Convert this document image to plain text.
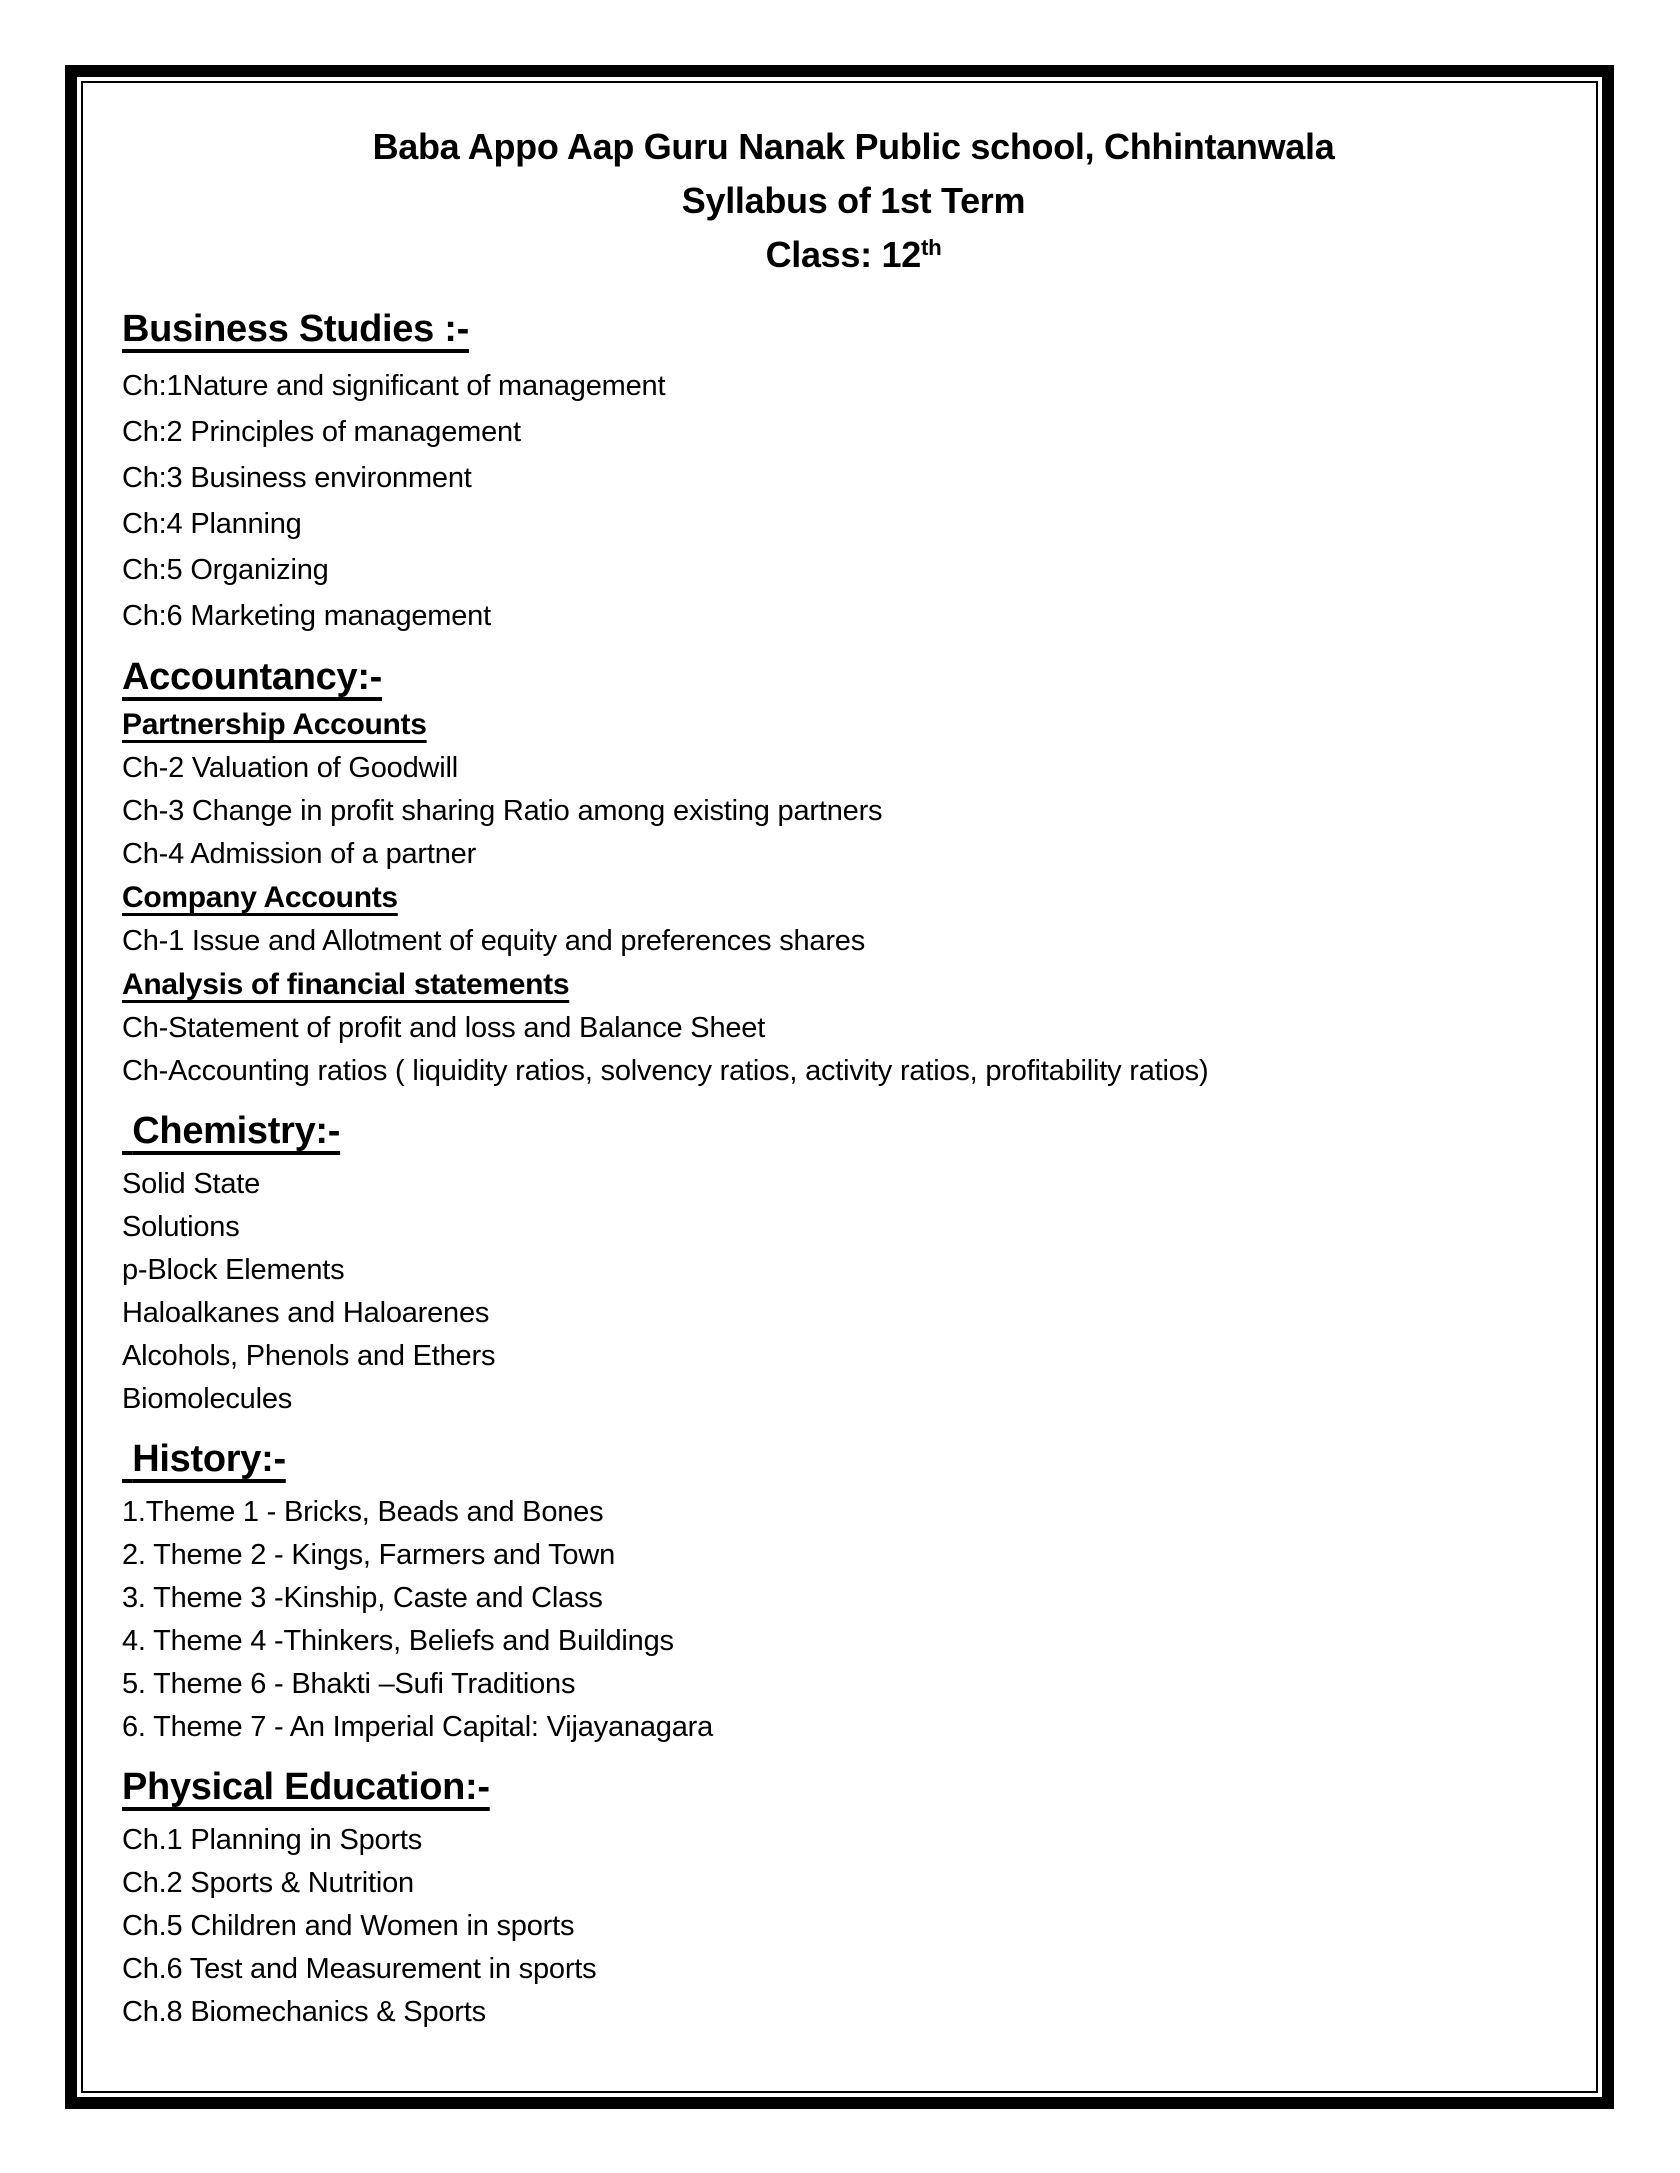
Baba Appo Aap Guru Nanak Public school, Chhintanwala
Syllabus of 1st Term
Class: 12th
Business Studies :-
Ch:1Nature and significant of management
Ch:2 Principles of management
Ch:3 Business environment
Ch:4 Planning
Ch:5 Organizing
Ch:6 Marketing management
Accountancy:-
Partnership Accounts
Ch-2 Valuation of Goodwill
Ch-3 Change in profit sharing Ratio among existing partners
Ch-4 Admission of a partner
Company Accounts
Ch-1 Issue and Allotment of equity and preferences shares
Analysis of financial statements
Ch-Statement of profit and loss and Balance Sheet
Ch-Accounting ratios ( liquidity ratios, solvency ratios, activity ratios, profitability ratios)
Chemistry:-
Solid State
Solutions
p-Block Elements
Haloalkanes and Haloarenes
Alcohols, Phenols and Ethers
Biomolecules
History:-
1.Theme 1 - Bricks, Beads and Bones
2. Theme 2 - Kings, Farmers and Town
3. Theme 3 -Kinship, Caste and Class
4. Theme 4 -Thinkers, Beliefs and Buildings
5. Theme 6 - Bhakti –Sufi Traditions
6. Theme 7 - An Imperial Capital: Vijayanagara
Physical Education:-
Ch.1 Planning in Sports
Ch.2 Sports & Nutrition
Ch.5 Children and Women in sports
Ch.6 Test and Measurement in sports
Ch.8 Biomechanics & Sports
